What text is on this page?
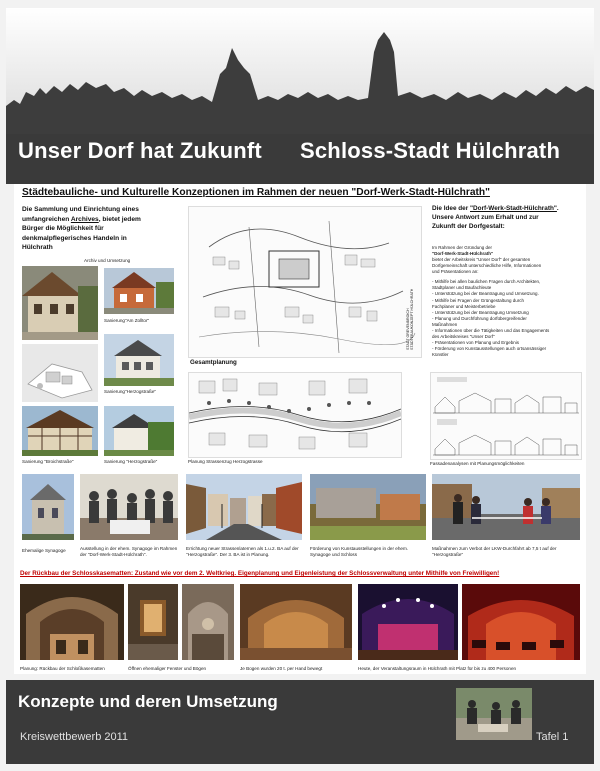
Unser Dorf hat Zukunft Schloss-Stadt Hülchrath
Städtebauliche- und Kulturelle Konzeptionen im Rahmen der neuen "Dorf-Werk-Stadt-Hülchrath"
Die Sammlung und Einrichtung eines
umfangreichen Archives, bietet jedem
Bürger die Möglichkeit für
denkmalpflegerisches Handeln in
Hülchrath
Die Idee der "Dorf-Werk-Stadt-Hülchrath".
Unsere Antwort zum Erhalt und zur
Zukunft der Dorfgestalt:
Im Rahmen der Gründung der
"Dorf-Werk-Stadt-Hülchrath"
bietet der Arbeitskreis "Unser Dorf" der gesamten
Dorfgemeinschaft unterschiedliche Hilfe, Informationen
und Präsentationen an:
- Mithilfe bei allen baulichen Fragen durch Architekten,
Stadtplaner und Baufachleute
- Unterstützung bei der Beantragung und Umsetzung.
- Mithilfe bei Fragen der Grüngestaltung durch
Fachplaner und Meisterbetriebe
- Unterstützung bei der Beantragung Umsetzung
- Planung und Durchführung dorfübergreifender
Maßnahmen
- Informationen über die Tätigkeiten und das Engagements
des Arbeitskreises "Unser Dorf"
- Präsentationen von Planung und Ergebnis
- Förderung von Kunstausstellungen auch ortsansässiger
Künstler
Archiv und Umsetzung
Sanierung"Am Zolltor"
Sanierung"Herzogstraße"
Sanierung "Broichstraße"	Sanierung "Herzogstraße"
STADT GREVENBROICH STÄDTEBAUKONZEPT HÜLCHRATH
Gesamtplanung
Planung Strassenzug Herzogstrasse	Fassadenanalysen mit Planungsmöglichkeiten
Ehemalige Synagoge	Ausstellung in der ehem. Synagoge im Rahmen der "Dorf-Werk-Stadt-Hülchrath".
Errichtung neuer Strassenlaternen als 1.u.2. BA auf der "Herzogstraße". Der 3. BA ist in Planung.
Förderung von Kunstausstellungen in der ehem. Synagoge und Schloss
Maßnahmen zum Verbot der LKW-Durchfahrt ab 7,5 t auf der "Herzogstraße"
Der Rückbau der Schlosskasematten: Zustand wie vor dem 2. Weltkrieg. Eigenplanung und Eigenleistung der Schlossverwaltung unter Mithilfe von Freiwilligen!
Planung: Rückbau der Schloßkasematten	Öffnen ehemaliger Fenster und Bögen	Je Bogen wurden 20 t. per Hand bewegt	Heute, der Veranstaltungsraum in Hülchrath mit Platz für bis zu 400 Personen
Konzepte und deren Umsetzung
Kreiswettbewerb 2011	Tafel 1
